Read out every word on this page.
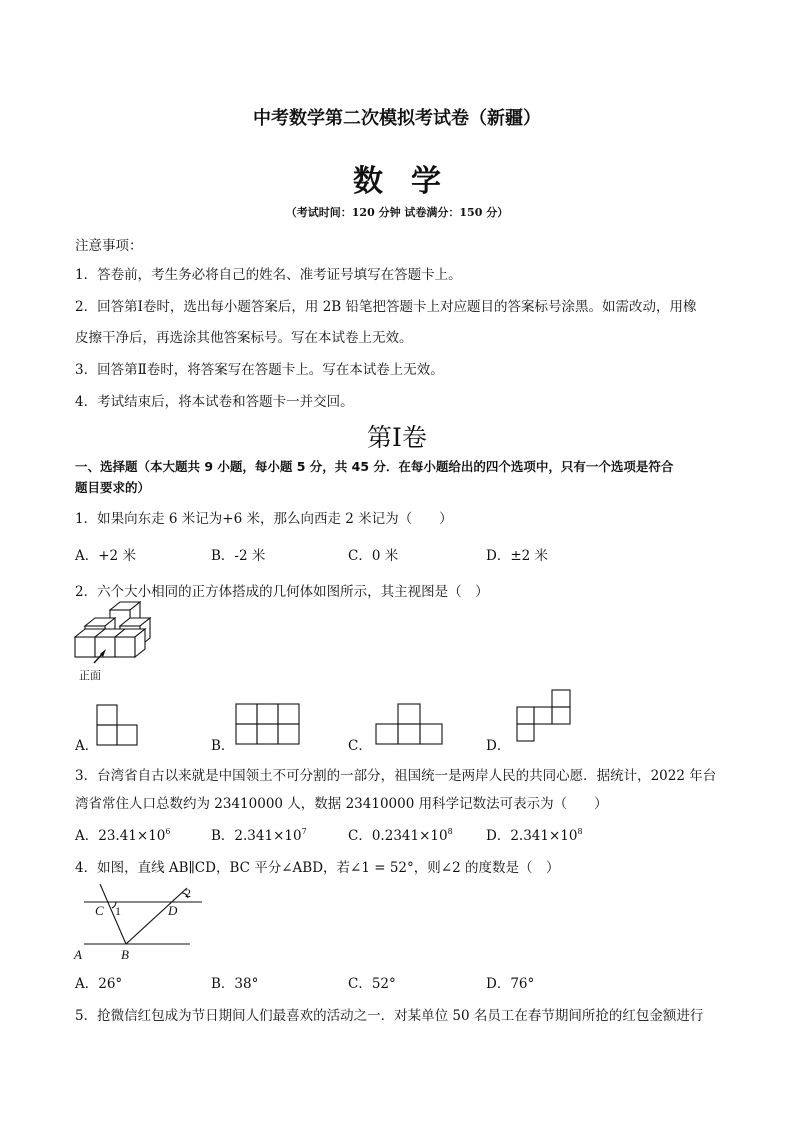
中考数学第二次模拟考试卷（新疆）
数学
（考试时间：120 分钟 试卷满分：150 分）
注意事项：
1．答卷前，考生务必将自己的姓名、准考证号填写在答题卡上。
2．回答第Ⅰ卷时，选出每小题答案后，用 2B 铅笔把答题卡上对应题目的答案标号涂黑。如需改动，用橡
皮擦干净后，再选涂其他答案标号。写在本试卷上无效。
3．回答第Ⅱ卷时，将答案写在答题卡上。写在本试卷上无效。
4．考试结束后，将本试卷和答题卡一并交回。
第Ⅰ卷
一、选择题（本大题共 9 小题，每小题 5 分，共 45 分．在每小题给出的四个选项中，只有一个选项是符合
题目要求的）
1．如果向东走 6 米记为+6 米，那么向西走 2 米记为（　　）
A．+2 米	B．-2 米	C．0 米	D．±2 米
2．六个大小相同的正方体搭成的几何体如图所示，其主视图是（　）
正面
A．	B．	C．	D．
3．台湾省自古以来就是中国领土不可分割的一部分，祖国统一是两岸人民的共同心愿．据统计，2022 年台
湾省常住人口总数约为 23410000 人，数据 23410000 用科学记数法可表示为（　　）
A．$23.41\times 10^6$	B．$2.341\times 10^7$	C．$0.2341\times 10^8$ D．$2.341\times 10^8$
4．如图，直线 AB∥CD，BC 平分∠ABD，若∠1 = 52°，则∠2 的度数是（　）
A	B
C	D
1
2
A．26°	B．38°	C．52°	D．76°
5．抢微信红包成为节日期间人们最喜欢的活动之一．对某单位 50 名员工在春节期间所抢的红包金额进行
